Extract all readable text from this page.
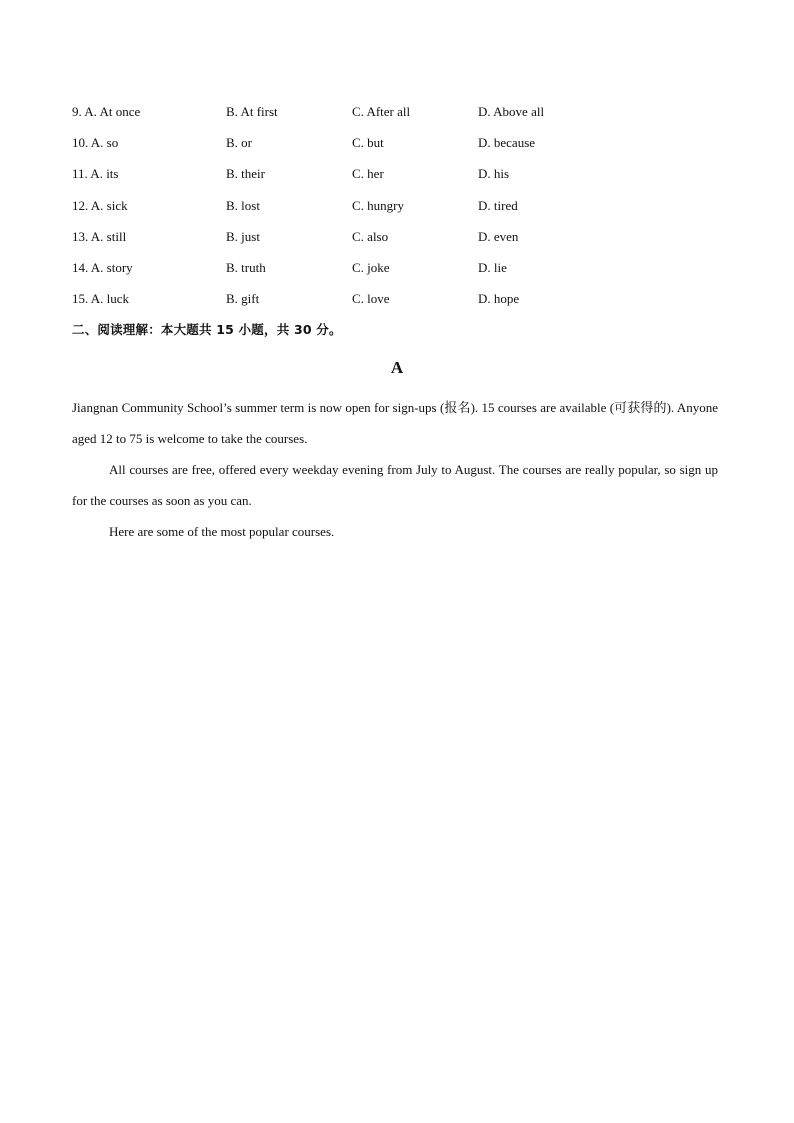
9. A. At once	B. At first	C. After all	D. Above all
10. A. so	B. or	C. but	D. because
11. A. its	B. their	C. her	D. his
12. A. sick	B. lost	C. hungry	D. tired
13. A. still	B. just	C. also	D. even
14. A. story	B. truth	C. joke	D. lie
15. A. luck	B. gift	C. love	D. hope
二、阅读理解：本大题共 15 小题，共 30 分。
A

Jiangnan Community School’s summer term is now open for sign-ups (报名). 15 courses are available (可获得的). Anyone aged 12 to 75 is welcome to take the courses.

All courses are free, offered every weekday evening from July to August. The courses are really popular, so sign up for the courses as soon as you can.

Here are some of the most popular courses.
